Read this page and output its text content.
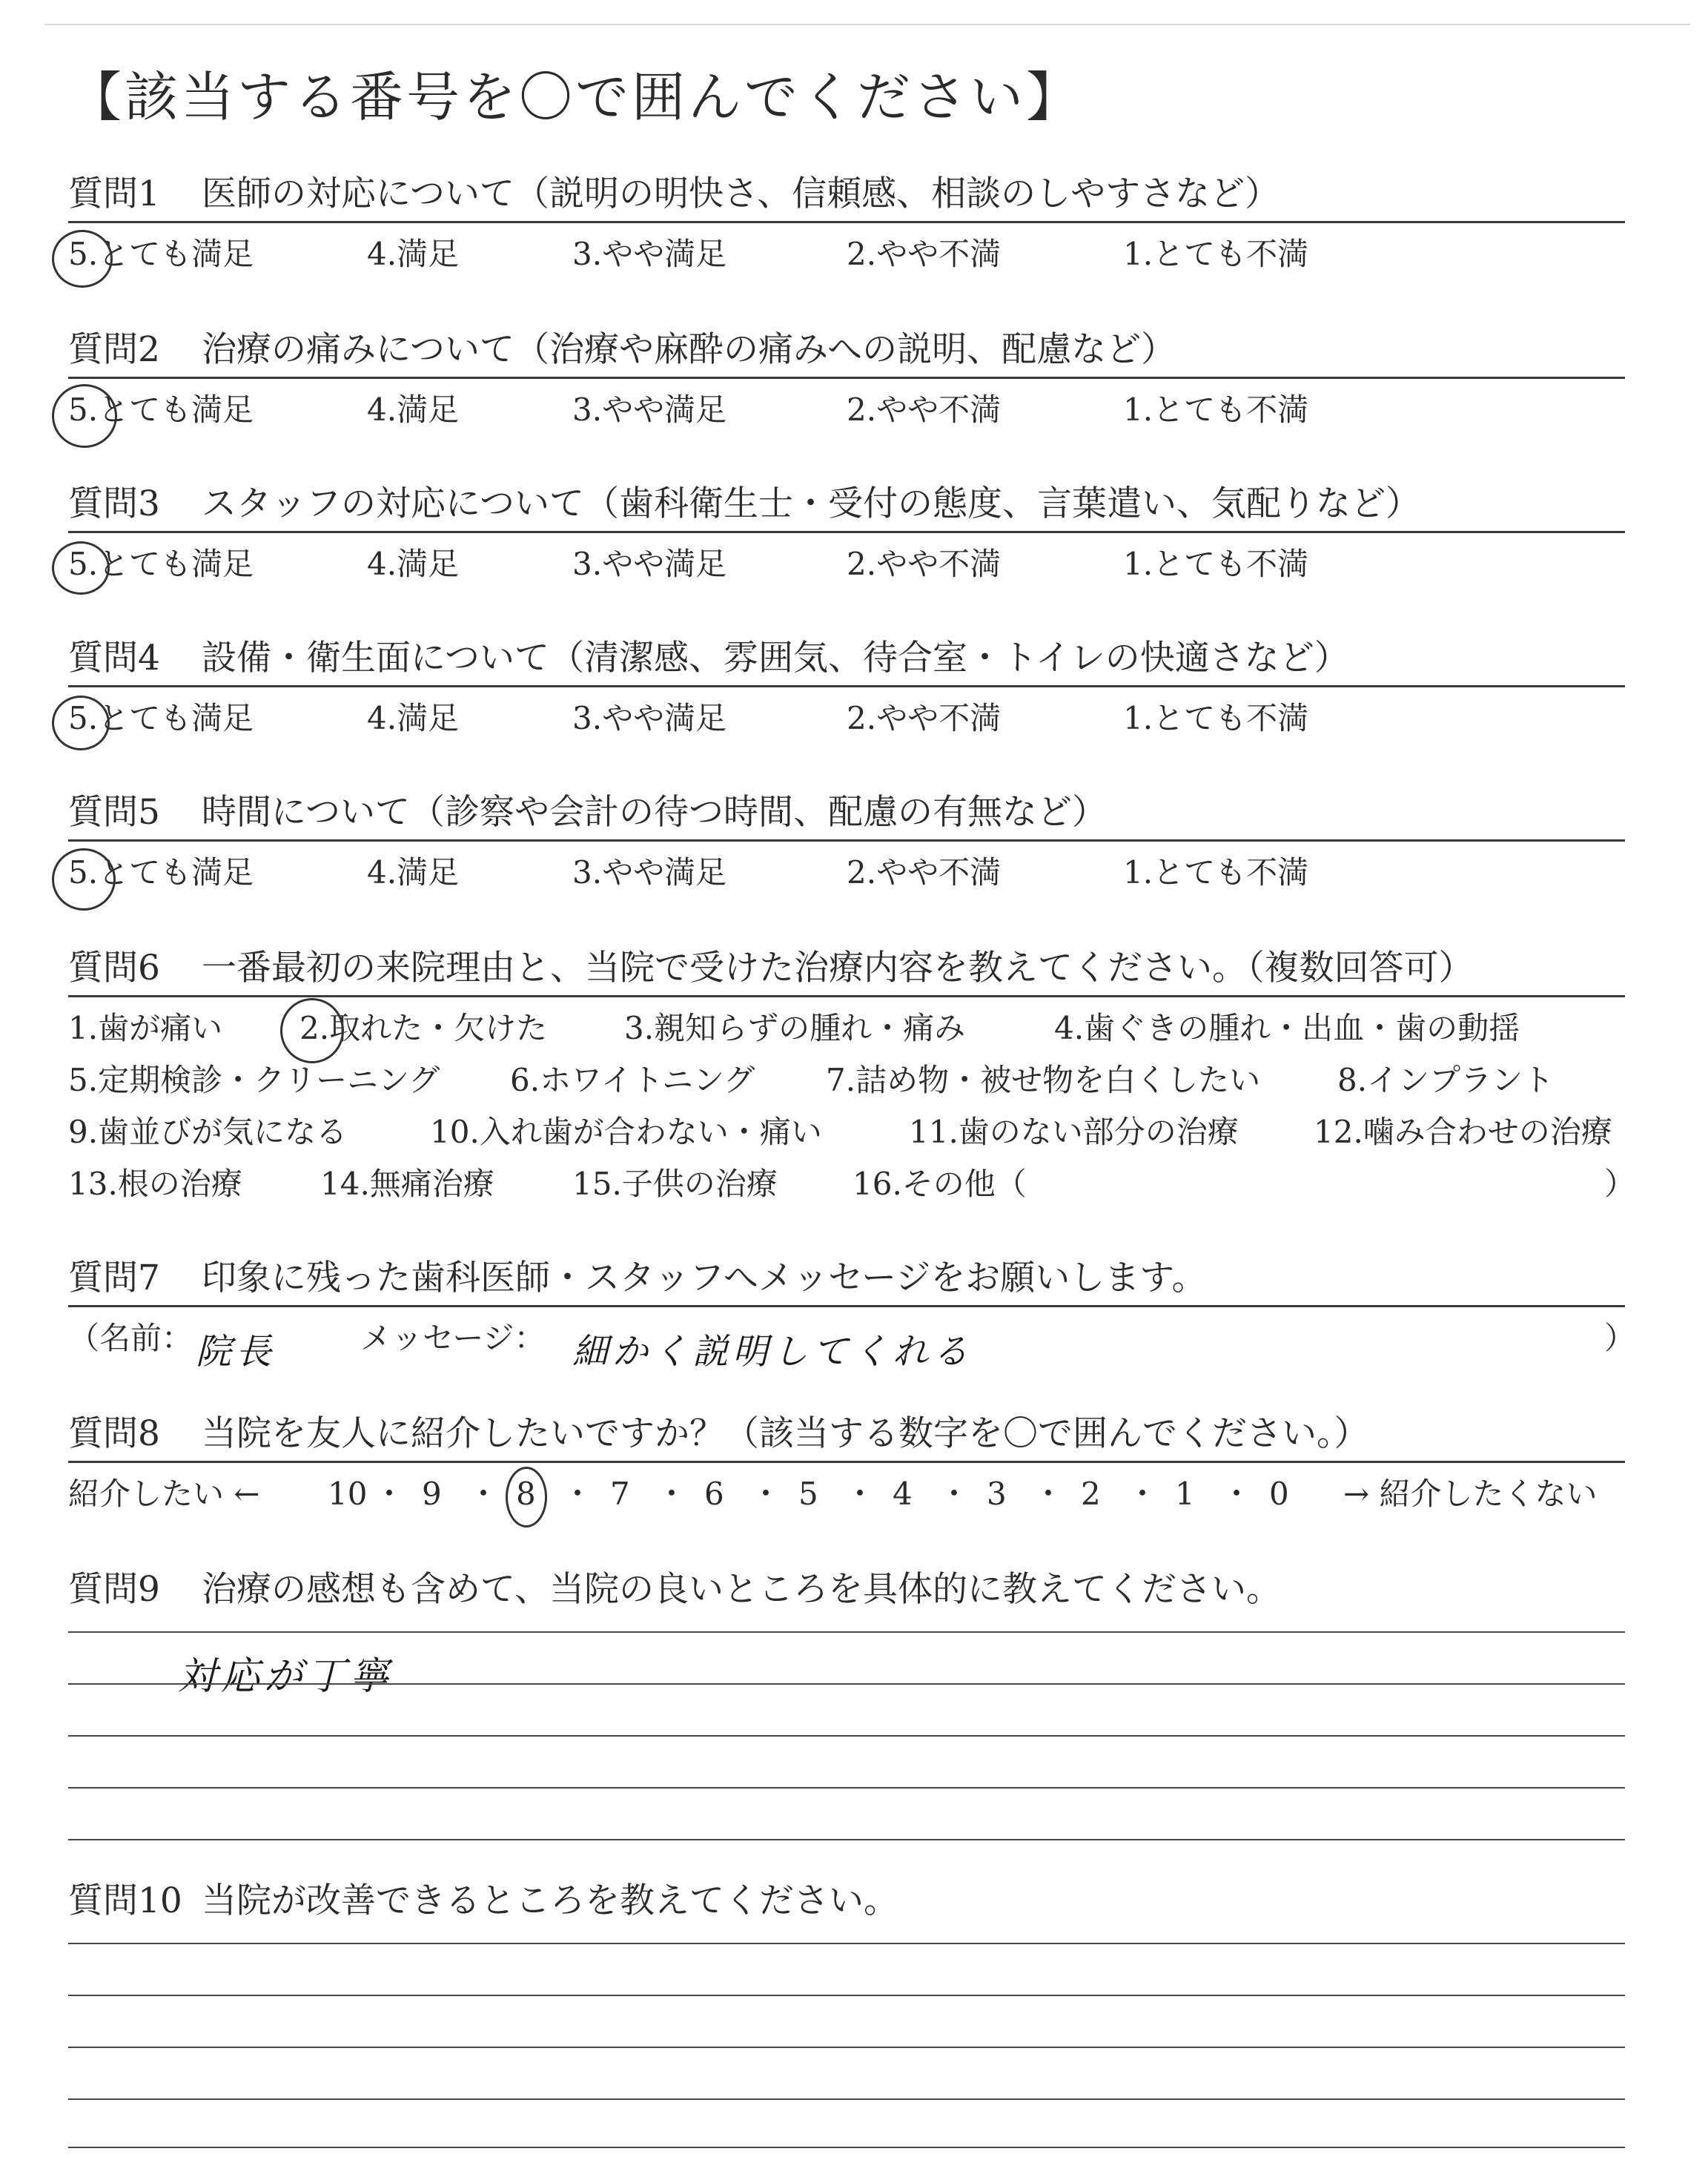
【該当する番号を〇で囲んでください】
質問1 医師の対応について（説明の明快さ、信頼感、相談のしやすさなど）
5.とても満足	4.満足	3.やや満足	2.やや不満	1.とても不満
質問2 治療の痛みについて（治療や麻酔の痛みへの説明、配慮など）
5.とても満足	4.満足	3.やや満足	2.やや不満	1.とても不満
質問3 スタッフの対応について（歯科衛生士・受付の態度、言葉遣い、気配りなど）
5.とても満足	4.満足	3.やや満足	2.やや不満	1.とても不満
質問4 設備・衛生面について（清潔感、雰囲気、待合室・トイレの快適さなど）
5.とても満足	4.満足	3.やや満足	2.やや不満	1.とても不満
質問5 時間について（診察や会計の待つ時間、配慮の有無など）
5.とても満足	4.満足	3.やや満足	2.やや不満	1.とても不満
質問6 一番最初の来院理由と、当院で受けた治療内容を教えてください。（複数回答可）
1.歯が痛い 2.取れた・欠けた 3.親知らずの腫れ・痛み	4.歯ぐきの腫れ・出血・歯の動揺
5.定期検診・クリーニング 6.ホワイトニング 7.詰め物・被せ物を白くしたい 8.インプラント
9.歯並びが気になる	10.入れ歯が合わない・痛い	11.歯のない部分の治療 12.噛み合わせの治療
13.根の治療	14.無痛治療	15.子供の治療 16.その他（	）
質問7 印象に残った歯科医師・スタッフへメッセージをお願いします。
（名前： 院長	メッセージ： 細かく説明してくれる	）
質問8 当院を友人に紹介したいですか？（該当する数字を〇で囲んでください。）
紹介したい ←	→ 紹介したくない
10 ・ 9 ・ 8 ・ 7 ・ 6 ・ 5 ・ 4 ・ 3 ・ 2 ・ 1 ・ 0
質問9 治療の感想も含めて、当院の良いところを具体的に教えてください。
対応が丁寧
質問10 当院が改善できるところを教えてください。
